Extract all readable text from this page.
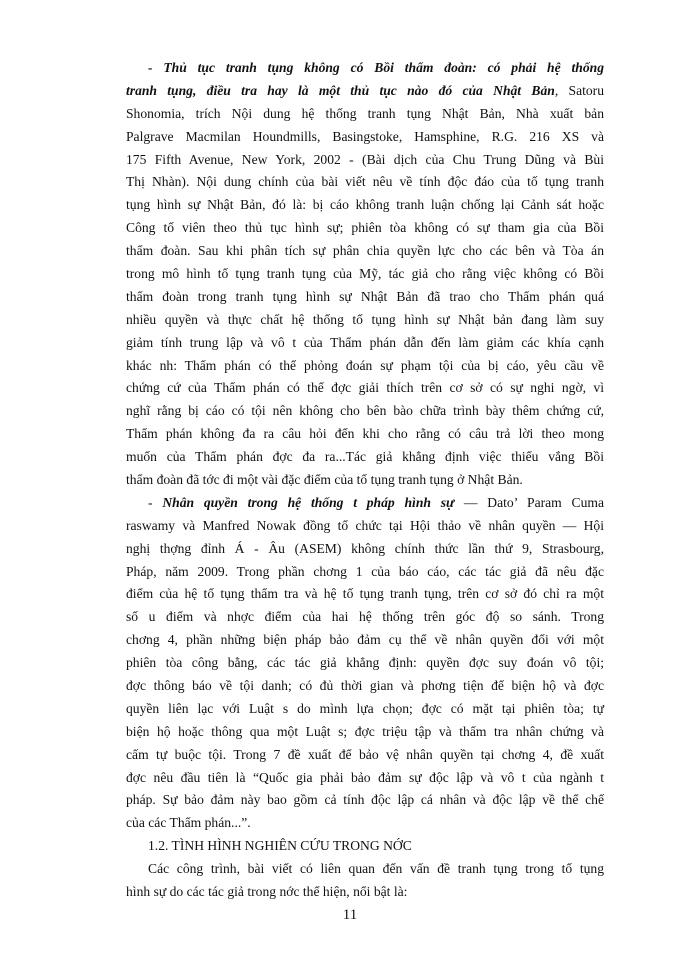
- Thủ tục tranh tụng không có Bồi thẩm đoàn: có phải hệ thống
tranh tụng, điều tra hay là một thủ tục nào đó của Nhật Bản, Satoru
Shonomia, trích Nội dung hệ thống tranh tụng Nhật Bản, Nhà xuất bản
Palgrave Macmilan Houndmills, Basingstoke, Hamsphine, R.G. 216 XS và
175 Fifth Avenue, New York, 2002 - (Bài dịch của Chu Trung Dũng và Bùi
Thị Nhàn). Nội dung chính của bài viết nêu về tính độc đáo của tố tụng tranh
tụng hình sự Nhật Bản, đó là: bị cáo không tranh luận chống lại Cảnh sát hoặc
Công tố viên theo thủ tục hình sự; phiên tòa không có sự tham gia của Bồi
thẩm đoàn. Sau khi phân tích sự phân chia quyền lực cho các bên và Tòa án
trong mô hình tố tụng tranh tụng của Mỹ, tác giả cho rằng việc không có Bồi
thẩm đoàn trong tranh tụng hình sự Nhật Bản đã trao cho Thẩm phán quá
nhiều quyền và thực chất hệ thống tố tụng hình sự Nhật bản đang làm suy
giảm tính trung lập và vô t của Thẩm phán dẫn đến làm giảm các khía cạnh
khác nh: Thẩm phán có thể phỏng đoán sự phạm tội của bị cáo, yêu cầu về
chứng cứ của Thẩm phán có thể đợc giải thích trên cơ sở có sự nghi ngờ, vì
nghĩ rằng bị cáo có tội nên không cho bên bào chữa trình bày thêm chứng cứ,
Thẩm phán không đa ra câu hỏi đến khi cho rằng có câu trả lời theo mong
muốn của Thẩm phán đợc đa ra...Tác giả khẳng định việc thiếu vắng Bồi
thẩm đoàn đã tớc đi một vài đặc điểm của tố tụng tranh tụng ở Nhật Bản.
- Nhân quyền trong hệ thống t pháp hình sự — Dato’ Param Cuma
raswamy và Manfred Nowak đồng tổ chức tại Hội thảo về nhân quyền — Hội
nghị thợng đỉnh Á - Âu (ASEM) không chính thức lần thứ 9, Strasbourg,
Pháp, năm 2009. Trong phần chơng 1 của báo cáo, các tác giả đã nêu đặc
điểm của hệ tố tụng thẩm tra và hệ tố tụng tranh tụng, trên cơ sở đó chỉ ra một
số u điểm và nhợc điểm của hai hệ thống trên góc độ so sánh. Trong
chơng 4, phần những biện pháp bảo đảm cụ thể về nhân quyền đối với một
phiên tòa công bằng, các tác giả khẳng định: quyền đợc suy đoán vô tội;
đợc thông báo về tội danh; có đủ thời gian và phơng tiện để biện hộ và đợc
quyền liên lạc với Luật s do mình lựa chọn; đợc có mặt tại phiên tòa; tự
biện hộ hoặc thông qua một Luật s; đợc triệu tập và thẩm tra nhân chứng và
cấm tự buộc tội. Trong 7 đề xuất để bảo vệ nhân quyền tại chơng 4, đề xuất
đợc nêu đầu tiên là “Quốc gia phải bảo đảm sự độc lập và vô t của ngành t
pháp. Sự bảo đảm này bao gồm cả tính độc lập cá nhân và độc lập về thể chế
của các Thẩm phán...”.
11
1.2. TÌNH HÌNH NGHIÊN CỨU TRONG NỚC
Các công trình, bài viết có liên quan đến vấn đề tranh tụng trong tố tụng
hình sự do các tác giả trong nớc thể hiện, nổi bật là:
